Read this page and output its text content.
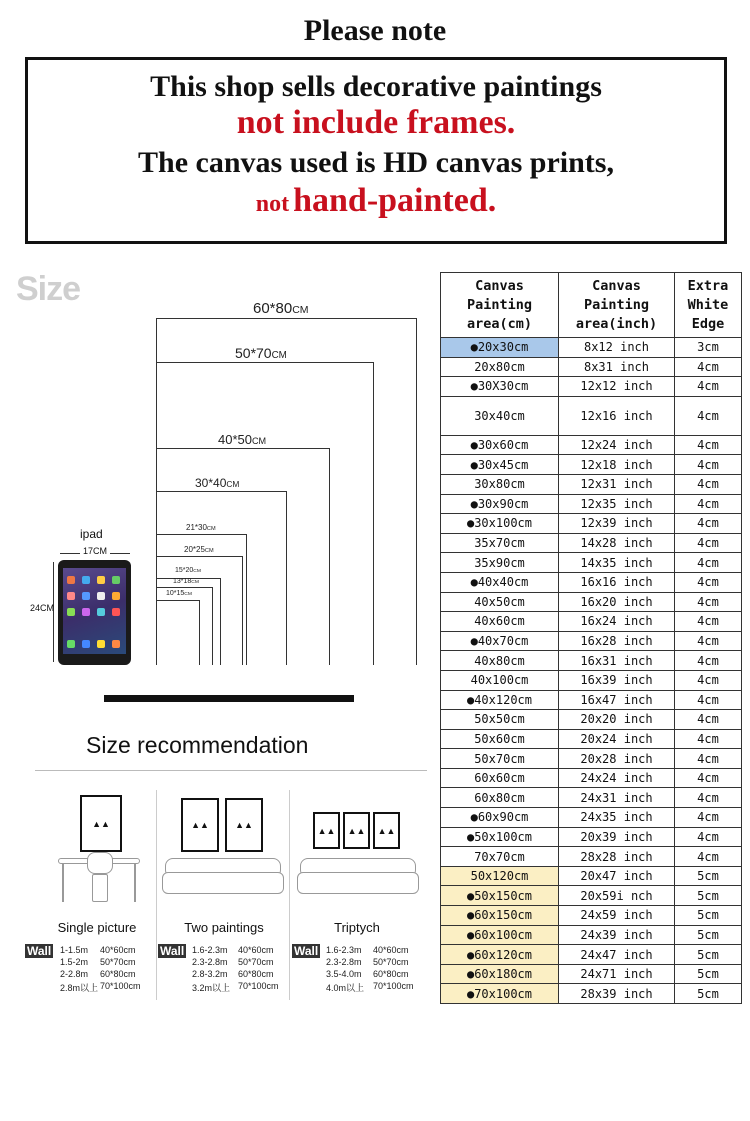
Please note
This shop sells decorative paintings
not include frames.
The canvas used is HD canvas prints,
not hand-painted.
Size
60*80CM
50*70CM
40*50CM
30*40CM
21*30CM
20*25CM
15*20CM
13*18CM
10*15CM
ipad
17CM
24CM
Size recommendation
▲▲
Single picture
▲▲	▲▲
Two paintings
▲▲ ▲▲ ▲▲
Triptych
Wall	Wall	Wall
1-1.5m 40*60cm
1.5-2m 50*70cm
2-2.8m 60*80cm
2.8m以上 70*100cm
1.6-2.3m 40*60cm
2.3-2.8m 50*70cm
2.8-3.2m 60*80cm
3.2m以上 70*100cm
1.6-2.3m 40*60cm
2.3-2.8m 50*70cm
3.5-4.0m 60*80cm
4.0m以上 70*100cm
Canvas Painting area(cm)	Canvas Painting area(inch)	Extra White Edge
●20x30cm	8x12 inch	3cm
20x80cm	8x31 inch	4cm
●30X30cm	12x12 inch	4cm
30x40cm	12x16 inch	4cm
●30x60cm	12x24 inch	4cm
●30x45cm	12x18 inch	4cm
30x80cm	12x31 inch	4cm
●30x90cm	12x35 inch	4cm
●30x100cm	12x39 inch	4cm
35x70cm	14x28 inch	4cm
35x90cm	14x35 inch	4cm
●40x40cm	16x16 inch	4cm
40x50cm	16x20 inch	4cm
40x60cm	16x24 inch	4cm
●40x70cm	16x28 inch	4cm
40x80cm	16x31 inch	4cm
40x100cm	16x39 inch	4cm
●40x120cm	16x47 inch	4cm
50x50cm	20x20 inch	4cm
50x60cm	20x24 inch	4cm
50x70cm	20x28 inch	4cm
60x60cm	24x24 inch	4cm
60x80cm	24x31 inch	4cm
●60x90cm	24x35 inch	4cm
●50x100cm	20x39 inch	4cm
70x70cm	28x28 inch	4cm
50x120cm	20x47 inch	5cm
●50x150cm	20x59i nch	5cm
●60x150cm	24x59 inch	5cm
●60x100cm	24x39 inch	5cm
●60x120cm	24x47 inch	5cm
●60x180cm	24x71 inch	5cm
●70x100cm	28x39 inch	5cm
